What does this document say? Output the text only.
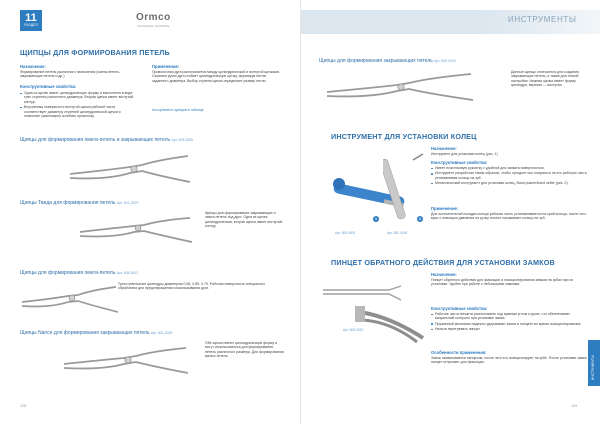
11
РАЗДЕЛ
Ormco
Your Practice. Our Priority.
ЩИПЦЫ ДЛЯ ФОРМИРОВАНИЯ ПЕТЕЛЬ
Назначение:
Формирование петель различного назначения (омега-петель, закрывающих петель и др.)
Конструктивные свойства:
Одна из щечек имеет цилиндрическую форму и выполнена в виде трех ступенек различного диаметра. Вторая щечка имеет вогнутый контур.
Внутренняя поверхность вогнутой щечки рабочей части соответствует диаметру ступеней цилиндрической щечки и позволяет равномерно изгибать проволоку.
Применение:
Проволочная дуга располагается между цилиндрической и вогнутой щечками. Сжатием ручек дуга огибает цилиндрическую щечку, формируя петлю заданного диаметра. Выбор ступени щечки определяет размер петли.
Ассортимент щипцов в таблице
Щипцы для формирования омега-петель и закрывающих петель Арт. 805-0836
Щипцы Твида для формирования петель Арт. 801-0075
Щипцы для формирования закрывающих и омега-петель под дуги. Одна из щечек цилиндрическая, вторая щечка имеет вогнутый контур.
Щипцы для формирования омега-петель Арт. 805-0812
Трехступенчатые цилиндры диаметром 0.65, 0.85, 0.75. Рабочая поверхность специально обработана для предотвращения соскальзывания дуги.
Щипцы Nance для формирования закрывающих петель Арт. 801-0028
Обе щечки имеют цилиндрическую форму и могут использоваться для формирования петель различного размера. Для формирования малых петель.
118
ИНСТРУМЕНТЫ
Щипцы для формирования закрывающих петель Арт. 805-0030
Данные щипцы отличаются для создания закрывающих петель, а также для тонкой настройки. Нижняя щечка имеет форму цилиндра, верхняя — вогнутая.
ИНСТРУМЕНТ ДЛЯ УСТАНОВКИ КОЛЕЦ
1	2
Арт. 808-0500	Арт. 882-0006
Назначение:
Инструмент для установки колец (рис. 1)
Конструктивные свойства:
Имеет пластиковую рукоятку с удобной для захвата поверхностью.
Инструмент разработан таким образом, чтобы ортодонт мог опираться на его рабочую часть, устанавливая кольцо на зуб.
Металлический инструмент для установки колец, Band pusher/band setter (рис. 2).
Применение:
Для окончательной посадки кольца рабочая часть устанавливается на край кольца, после чего врач с помощью давления на ручку плотно насаживает кольцо на зуб.
ПИНЦЕТ ОБРАТНОГО ДЕЙСТВИЯ ДЛЯ УСТАНОВКИ ЗАМКОВ
Арт. 808-0343
Назначение:
Пинцет обратного действия для фиксации и позиционирования замков на зубах при их установке. Удобен при работе с небольшими замками.
Конструктивные свойства:
Рабочие части пинцета расположены под прямым углом к ручке, что обеспечивает визуальный контроль при установке замка.
Пружинный механизм надежно удерживает замок в пинцете во время позиционирования.
Нельзя перегревать пинцет.
Особенности применения:
Замок захватывается пинцетом, после чего его позиционируют на зубе. После установки замка пинцет отпускают для фиксации.
119
ИНСТРУМЕНТЫ
